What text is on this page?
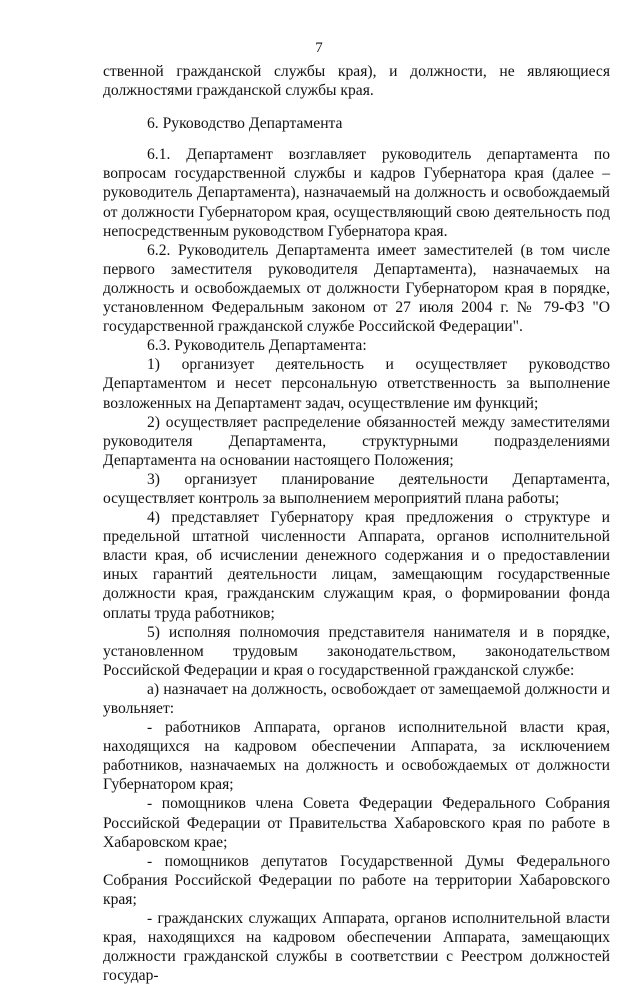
7

ственной гражданской службы края), и должности, не являющиеся должностями гражданской службы края.

6. Руководство Департамента

6.1. Департамент возглавляет руководитель департамента по вопросам государственной службы и кадров Губернатора края (далее – руководитель Департамента), назначаемый на должность и освобождаемый от должности Губернатором края, осуществляющий свою деятельность под непосредственным руководством Губернатора края.

6.2. Руководитель Департамента имеет заместителей (в том числе первого заместителя руководителя Департамента), назначаемых на должность и освобождаемых от должности Губернатором края в порядке, установленном Федеральным законом от 27 июля 2004 г. № 79-ФЗ "О государственной гражданской службе Российской Федерации".

6.3. Руководитель Департамента:

1) организует деятельность и осуществляет руководство Департаментом и несет персональную ответственность за выполнение возложенных на Департамент задач, осуществление им функций;

2) осуществляет распределение обязанностей между заместителями руководителя Департамента, структурными подразделениями Департамента на основании настоящего Положения;

3) организует планирование деятельности Департамента, осуществляет контроль за выполнением мероприятий плана работы;

4) представляет Губернатору края предложения о структуре и предельной штатной численности Аппарата, органов исполнительной власти края, об исчислении денежного содержания и о предоставлении иных гарантий деятельности лицам, замещающим государственные должности края, гражданским служащим края, о формировании фонда оплаты труда работников;

5) исполняя полномочия представителя нанимателя и в порядке, установленном трудовым законодательством, законодательством Российской Федерации и края о государственной гражданской службе:

а) назначает на должность, освобождает от замещаемой должности и увольняет:

- работников Аппарата, органов исполнительной власти края, находящихся на кадровом обеспечении Аппарата, за исключением работников, назначаемых на должность и освобождаемых от должности Губернатором края;

- помощников члена Совета Федерации Федерального Собрания Российской Федерации от Правительства Хабаровского края по работе в Хабаровском крае;

- помощников депутатов Государственной Думы Федерального Собрания Российской Федерации по работе на территории Хабаровского края;

- гражданских служащих Аппарата, органов исполнительной власти края, находящихся на кадровом обеспечении Аппарата, замещающих должности гражданской службы в соответствии с Реестром должностей государ-
